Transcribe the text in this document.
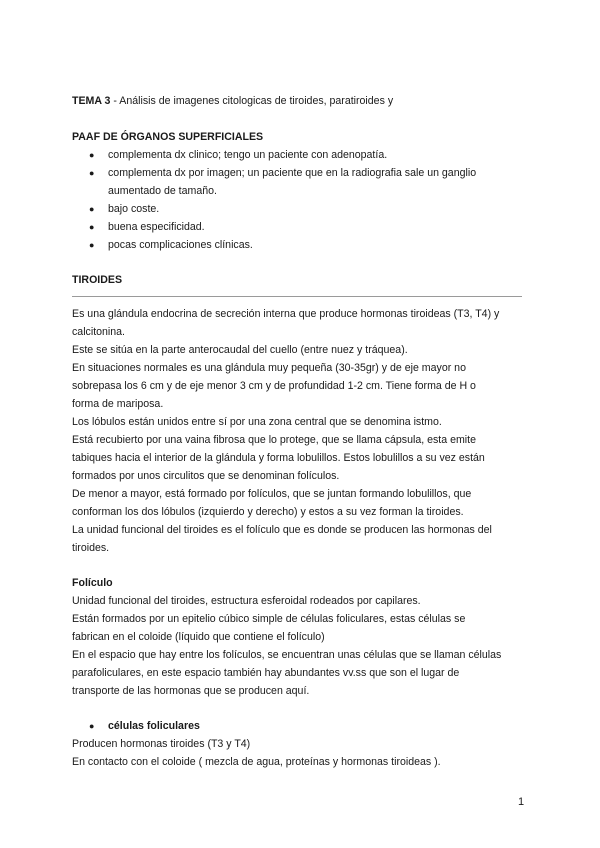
TEMA 3 - Análisis de imagenes citologicas de tiroides, paratiroides y
PAAF DE ÓRGANOS SUPERFICIALES
● complementa dx clinico; tengo un paciente con adenopatía.
● complementa dx por imagen; un paciente que en la radiografia sale un ganglio
aumentado de tamaño.
● bajo coste.
● buena especificidad.
● pocas complicaciones clínicas.
TIROIDES
Es una glándula endocrina de secreción interna que produce hormonas tiroideas (T3, T4) y
calcitonina.
Este se sitúa en la parte anterocaudal del cuello (entre nuez y tráquea).
En situaciones normales es una glándula muy pequeña (30-35gr) y de eje mayor no
sobrepasa los 6 cm y de eje menor 3 cm y de profundidad 1-2 cm. Tiene forma de H o
forma de mariposa.
Los lóbulos están unidos entre sí por una zona central que se denomina istmo.
Está recubierto por una vaina fibrosa que lo protege, que se llama cápsula, esta emite
tabiques hacia el interior de la glándula y forma lobulillos. Estos lobulillos a su vez están
formados por unos circulitos que se denominan folículos.
De menor a mayor, está formado por folículos, que se juntan formando lobulillos, que
conforman los dos lóbulos (izquierdo y derecho) y estos a su vez forman la tiroides.
La unidad funcional del tiroides es el folículo que es donde se producen las hormonas del
tiroides.
Folículo
Unidad funcional del tiroides, estructura esferoidal rodeados por capilares.
Están formados por un epitelio cúbico simple de células foliculares, estas células se
fabrican en el coloide (líquido que contiene el folículo)
En el espacio que hay entre los folículos, se encuentran unas células que se llaman células
parafoliculares, en este espacio también hay abundantes vv.ss que son el lugar de
transporte de las hormonas que se producen aquí.
● células foliculares
Producen hormonas tiroides (T3 y T4)
En contacto con el coloide ( mezcla de agua, proteínas y hormonas tiroideas ).
1
